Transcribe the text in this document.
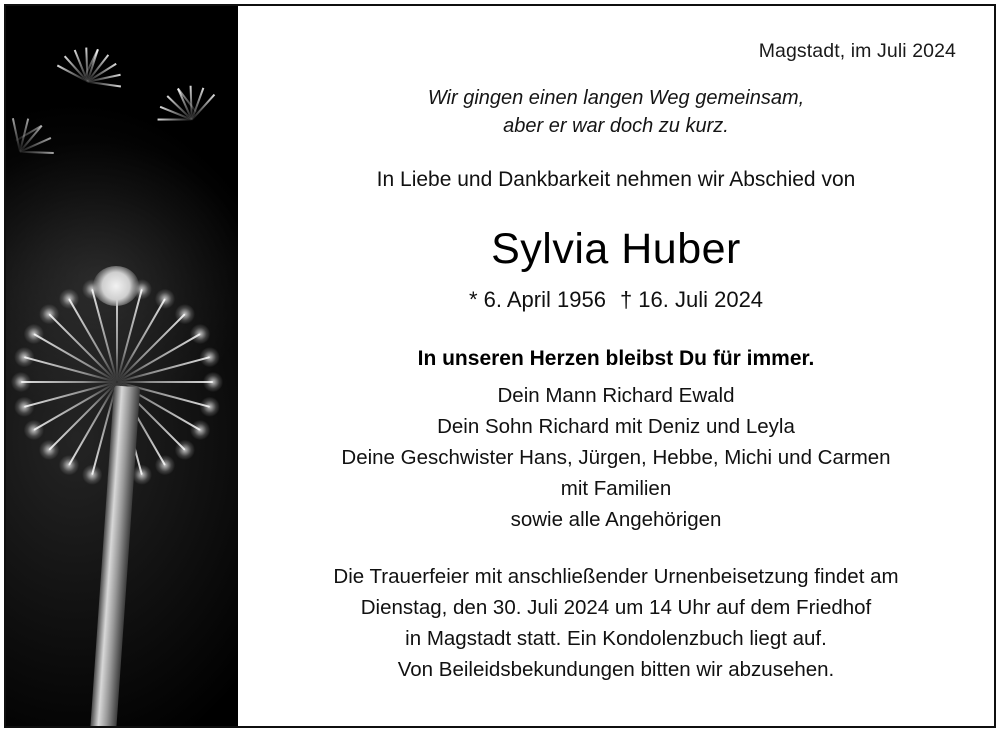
Magstadt, im Juli 2024
Wir gingen einen langen Weg gemeinsam,
aber er war doch zu kurz.
In Liebe und Dankbarkeit nehmen wir Abschied von
Sylvia Huber
* 6. April 1956 † 16. Juli 2024
In unseren Herzen bleibst Du für immer.
Dein Mann Richard Ewald
Dein Sohn Richard mit Deniz und Leyla
Deine Geschwister Hans, Jürgen, Hebbe, Michi und Carmen
mit Familien
sowie alle Angehörigen
Die Trauerfeier mit anschließender Urnenbeisetzung findet am
Dienstag, den 30. Juli 2024 um 14 Uhr auf dem Friedhof
in Magstadt statt. Ein Kondolenzbuch liegt auf.
Von Beileidsbekundungen bitten wir abzusehen.
